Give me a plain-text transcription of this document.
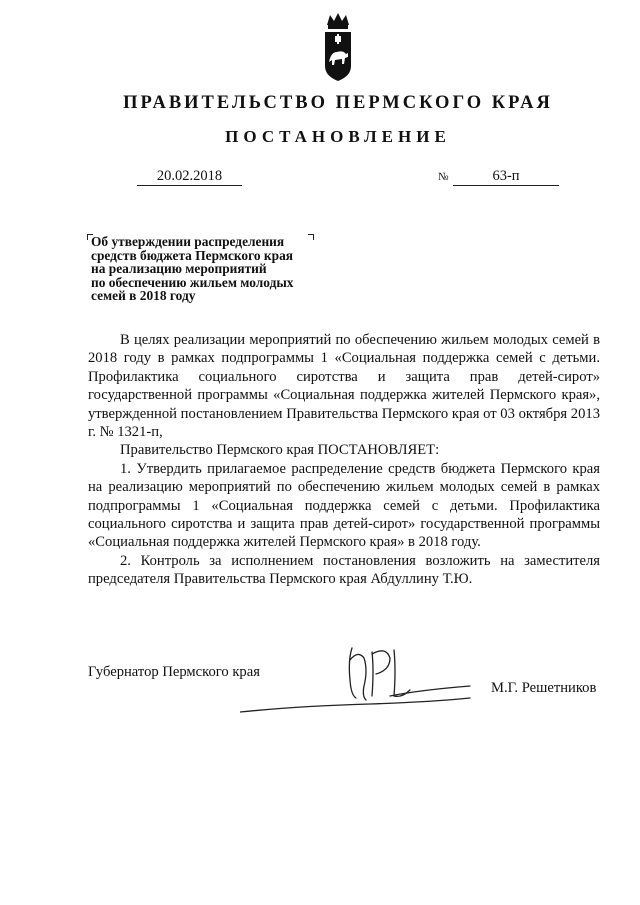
ПРАВИТЕЛЬСТВО ПЕРМСКОГО КРАЯ
ПОСТАНОВЛЕНИЕ
20.02.2018	№	63-п
Об утверждении распределения
средств бюджета Пермского края
на реализацию мероприятий
по обеспечению жильем молодых
семей в 2018 году

В целях реализации мероприятий по обеспечению жильем молодых семей в 2018 году в рамках подпрограммы 1 «Социальная поддержка семей с детьми. Профилактика социального сиротства и защита прав детей-сирот» государственной программы «Социальная поддержка жителей Пермского края», утвержденной постановлением Правительства Пермского края от 03 октября 2013 г. № 1321-п,

Правительство Пермского края ПОСТАНОВЛЯЕТ:

1. Утвердить прилагаемое распределение средств бюджета Пермского края на реализацию мероприятий по обеспечению жильем молодых семей в рамках подпрограммы 1 «Социальная поддержка семей с детьми. Профилактика социального сиротства и защита прав детей-сирот» государственной программы «Социальная поддержка жителей Пермского края» в 2018 году.

2. Контроль за исполнением постановления возложить на заместителя председателя Правительства Пермского края Абдуллину Т.Ю.

Губернатор Пермского края
М.Г. Решетников
